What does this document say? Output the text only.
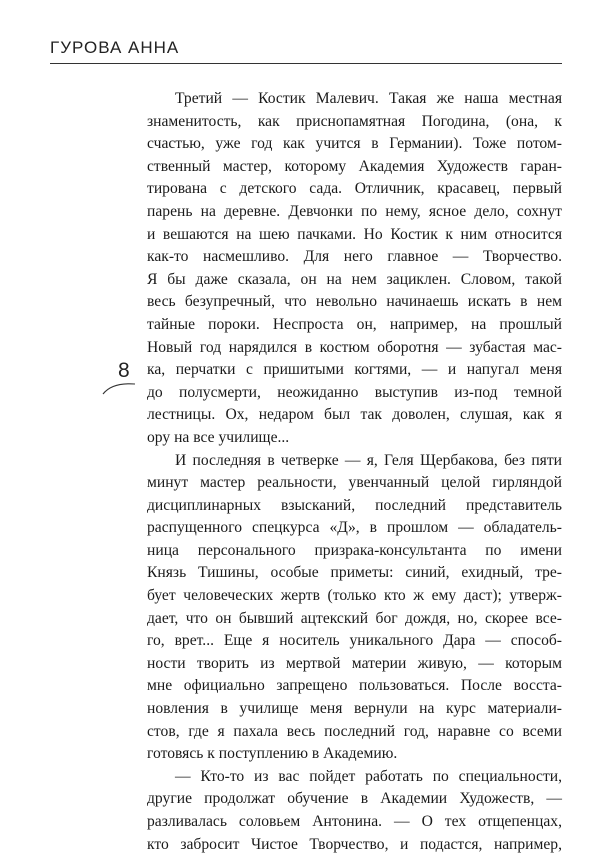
ГУРОВА АННА
8

Третий — Костик Малевич. Такая же наша местная
знаменитость, как приснопамятная Погодина, (она, к
счастью, уже год как учится в Германии). Тоже потом-
ственный мастер, которому Академия Художеств гаран-
тирована с детского сада. Отличник, красавец, первый
парень на деревне. Девчонки по нему, ясное дело, сохнут
и вешаются на шею пачками. Но Костик к ним относится
как-то насмешливо. Для него главное — Творчество.
Я бы даже сказала, он на нем зациклен. Словом, такой
весь безупречный, что невольно начинаешь искать в нем
тайные пороки. Неспроста он, например, на прошлый
Новый год нарядился в костюм оборотня — зубастая мас-
ка, перчатки с пришитыми когтями, — и напугал меня
до полусмерти, неожиданно выступив из-под темной
лестницы. Ох, недаром был так доволен, слушая, как я
ору на все училище...

И последняя в четверке — я, Геля Щербакова, без пяти
минут мастер реальности, увенчанный целой гирляндой
дисциплинарных взысканий, последний представитель
распущенного спецкурса «Д», в прошлом — обладатель-
ница персонального призрака-консультанта по имени
Князь Тишины, особые приметы: синий, ехидный, тре-
бует человеческих жертв (только кто ж ему даст); утверж-
дает, что он бывший ацтекский бог дождя, но, скорее все-
го, врет... Еще я носитель уникального Дара — способ-
ности творить из мертвой материи живую, — которым
мне официально запрещено пользоваться. После восста-
новления в училище меня вернули на курс материали-
стов, где я пахала весь последний год, наравне со всеми
готовясь к поступлению в Академию.

— Кто-то из вас пойдет работать по специальности,
другие продолжат обучение в Академии Художеств, —
разливалась соловьем Антонина. — О тех отщепенцах,
кто забросит Чистое Творчество, и подастся, например,
